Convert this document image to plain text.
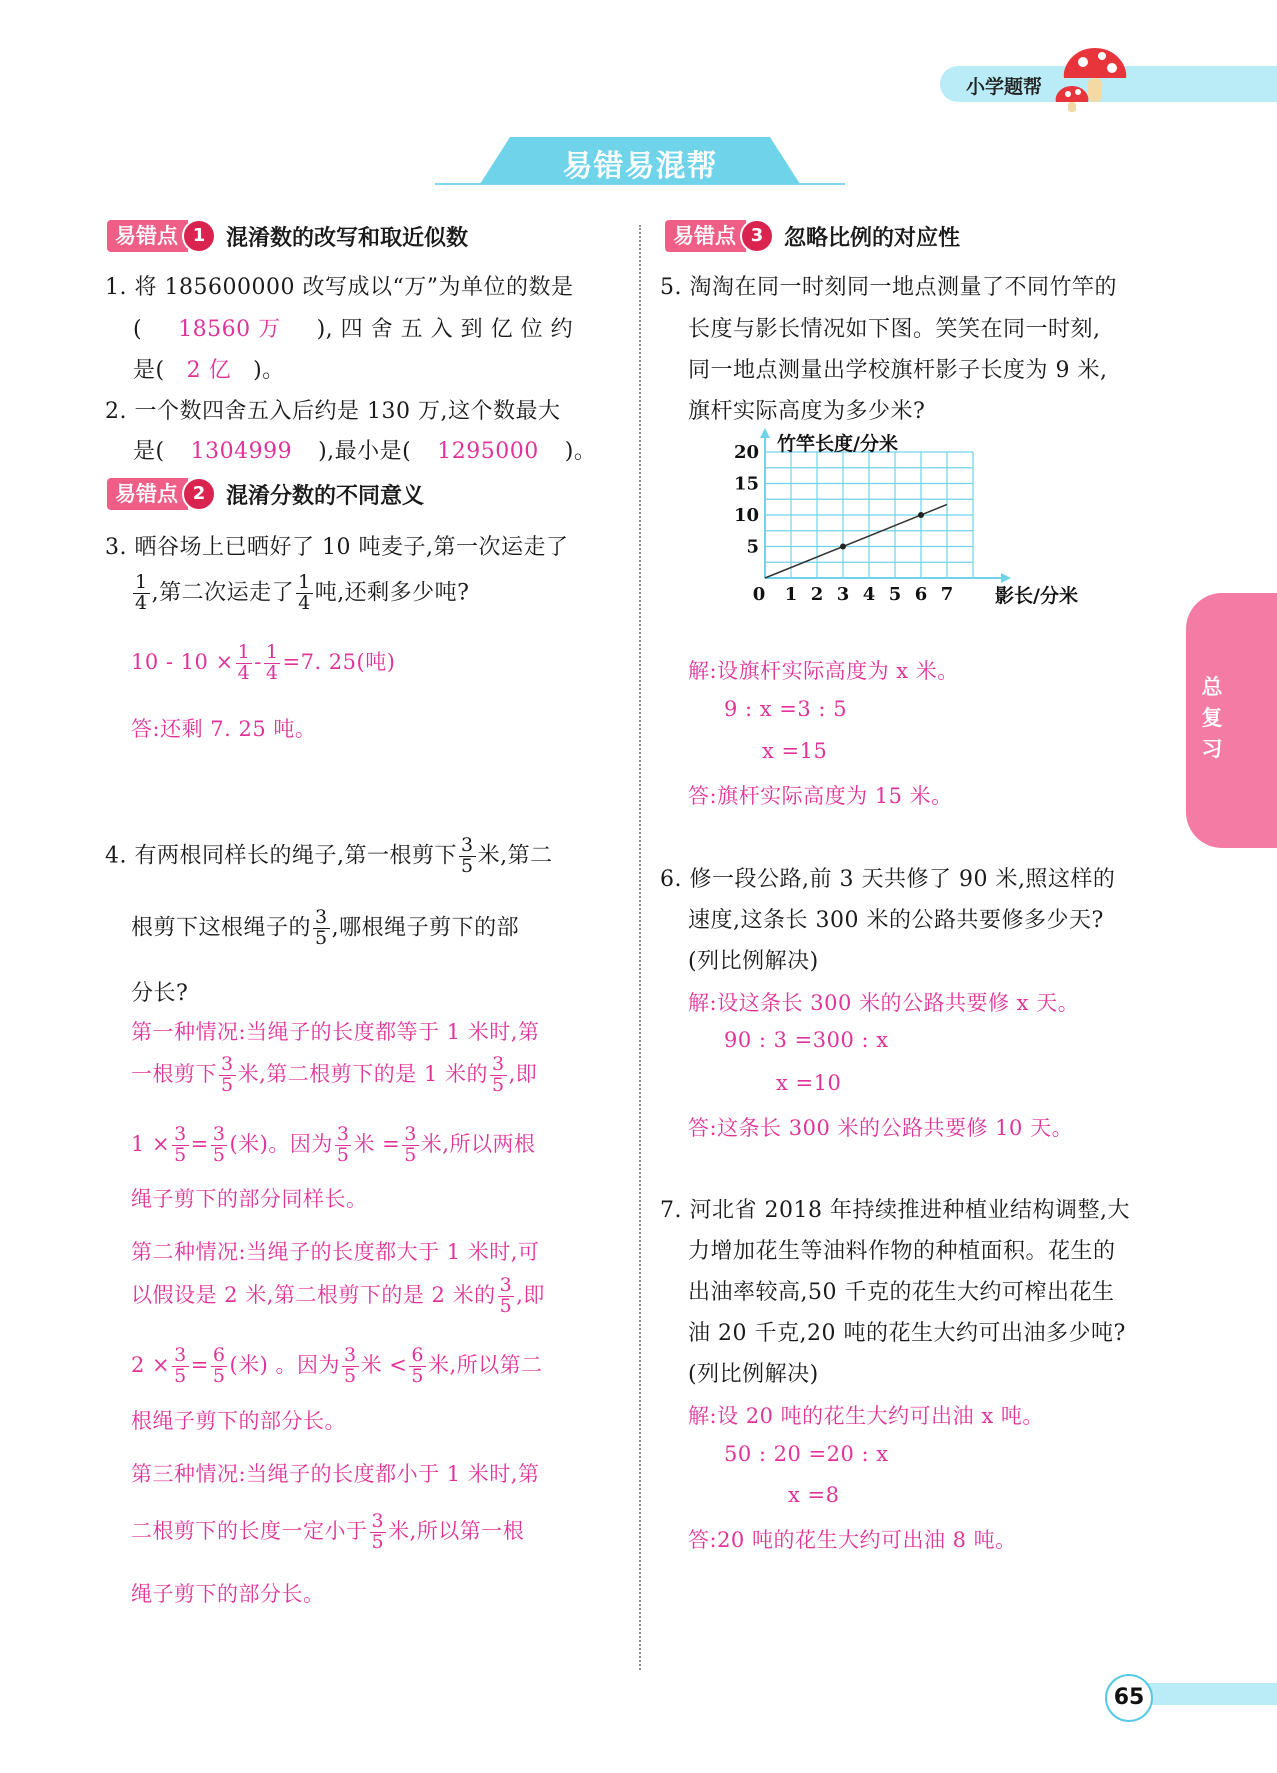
小学题帮
易错易混帮
易错点 1 混淆数的改写和取近似数
1. 将 185600000 改写成以“万”为单位的数是
( 18560 万 ), 四 舍 五 入 到 亿 位 约
是( 2 亿 )。
2. 一个数四舍五入后约是 130 万,这个数最大
是( 1304999 ),最小是( 1295000 )。
易错点 2 混淆分数的不同意义
3. 晒谷场上已晒好了 10 吨麦子,第一次运走了
$\frac{1}{4}$ ,第二次运走了 $\frac{1}{4}$ 吨,还剩多少吨?
$10 - 10 \times \frac{1}{4} - \frac{1}{4} =7$. 25(吨)
答:还剩 7. 25 吨。
4. 有两根同样长的绳子,第一根剪下 $\frac{3}{5}$ 米,第二
根剪下这根绳子的 $\frac{3}{5}$ ,哪根绳子剪下的部
分长?
第一种情况:当绳子的长度都等于 1 米时,第
一根剪下 $\frac{3}{5}$ 米,第二根剪下的是 1 米的 $\frac{3}{5}$ ,即
$1 \times \frac{3}{5} = \frac{3}{5}$ (米)。因为 $\frac{3}{5}$ 米 = $\frac{3}{5}$ 米,所以两根
绳子剪下的部分同样长。
第二种情况:当绳子的长度都大于 1 米时,可
以假设是 2 米,第二根剪下的是 2 米的 $\frac{3}{5}$ ,即
$2 \times \frac{3}{5} = \frac{6}{5}$ (米) 。因为 $\frac{3}{5}$ 米 < $\frac{6}{5}$ 米,所以第二
根绳子剪下的部分长。
第三种情况:当绳子的长度都小于 1 米时,第
二根剪下的长度一定小于 $\frac{3}{5}$ 米,所以第一根
绳子剪下的部分长。
易错点 3 忽略比例的对应性
5. 淘淘在同一时刻同一地点测量了不同竹竿的
长度与影长情况如下图。笑笑在同一时刻,
同一地点测量出学校旗杆影子长度为 9 米,
旗杆实际高度为多少米?
0 1 2 3 4 5 6 7
5
10
15
20 竹竿长度/分米
影长/分米
解:设旗杆实际高度为 x 米。
9 : x =3 : 5
x =15
答:旗杆实际高度为 15 米。
6. 修一段公路,前 3 天共修了 90 米,照这样的
速度,这条长 300 米的公路共要修多少天?
(列比例解决)
解:设这条长 300 米的公路共要修 x 天。
90 : 3 =300 : x
x =10
答:这条长 300 米的公路共要修 10 天。
7. 河北省 2018 年持续推进种植业结构调整,大
力增加花生等油料作物的种植面积。花生的
出油率较高,50 千克的花生大约可榨出花生
油 20 千克,20 吨的花生大约可出油多少吨?
(列比例解决)
解:设 20 吨的花生大约可出油 x 吨。
50 : 20 =20 : x
x =8
答:20 吨的花生大约可出油 8 吨。
总
复
习
65
